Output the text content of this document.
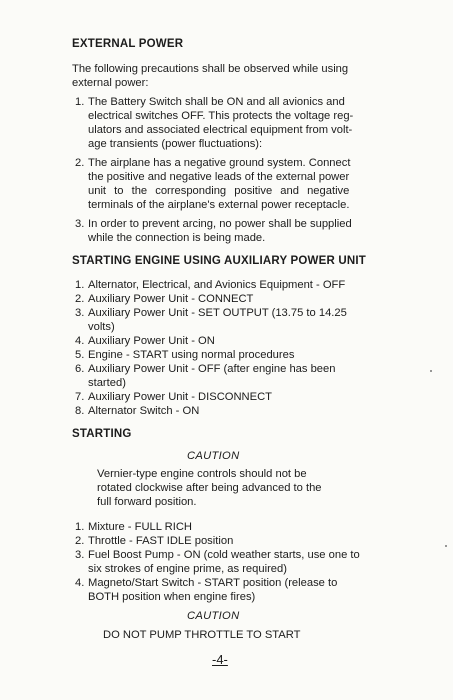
EXTERNAL POWER
The following precautions shall be observed while using
external power:
1. The Battery Switch shall be ON and all avionics and
electrical switches OFF. This protects the voltage reg-
ulators and associated electrical equipment from volt-
age transients (power fluctuations):
2. The airplane has a negative ground system. Connect
the positive and negative leads of the external power
unit to the corresponding positive and negative
terminals of the airplane's external power receptacle.
3. In order to prevent arcing, no power shall be supplied
while the connection is being made.
STARTING ENGINE USING AUXILIARY POWER UNIT
1. Alternator, Electrical, and Avionics Equipment - OFF
2. Auxiliary Power Unit - CONNECT
3. Auxiliary Power Unit - SET OUTPUT (13.75 to 14.25
volts)
4. Auxiliary Power Unit - ON
5. Engine - START using normal procedures
6. Auxiliary Power Unit - OFF (after engine has been
started)
7. Auxiliary Power Unit - DISCONNECT
8. Alternator Switch - ON
STARTING
CAUTION
Vernier-type engine controls should not be
rotated clockwise after being advanced to the
full forward position.
1. Mixture - FULL RICH
2. Throttle - FAST IDLE position
3. Fuel Boost Pump - ON (cold weather starts, use one to
six strokes of engine prime, as required)
4. Magneto/Start Switch - START position (release to
BOTH position when engine fires)
CAUTION
DO NOT PUMP THROTTLE TO START
-4-
